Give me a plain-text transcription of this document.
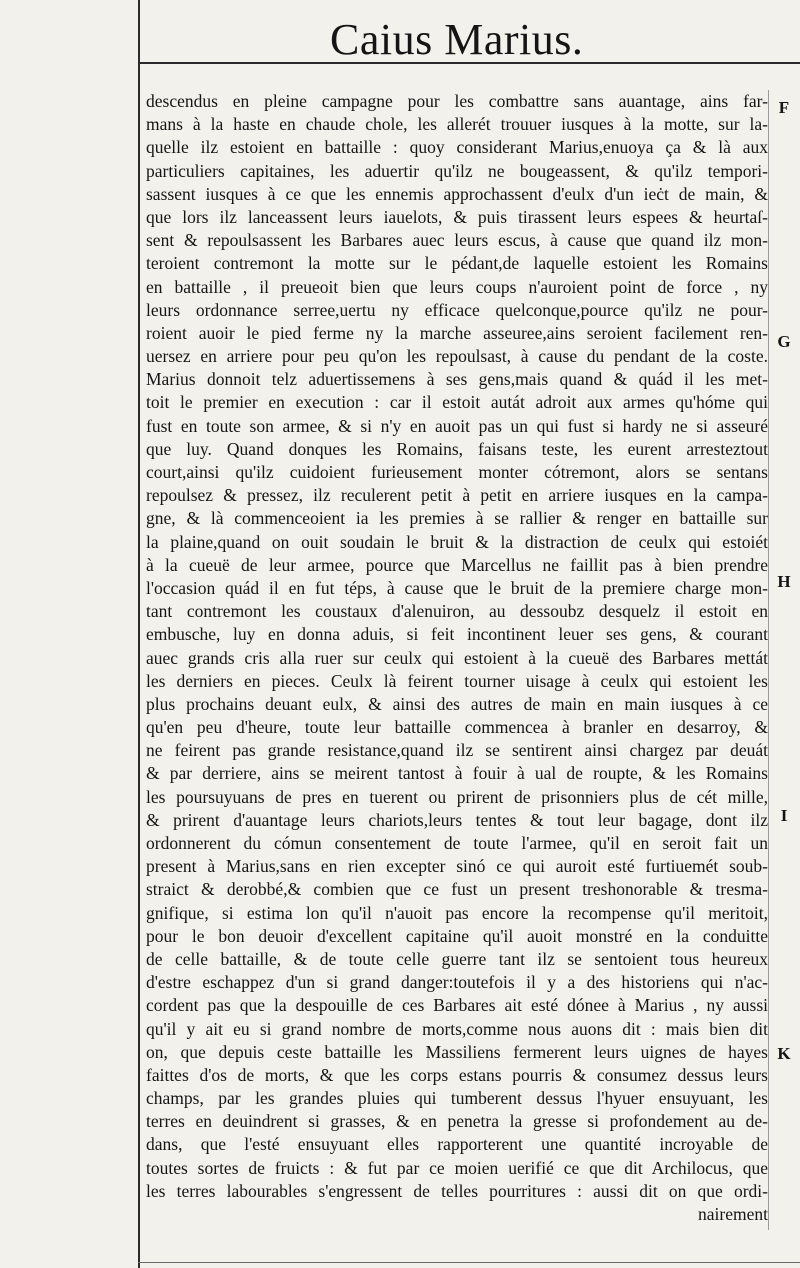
Caius Marius.
descendus en pleine campagne pour les combattre sans auantage, ains far-
mans à la haste en chaude chole, les allerét trouuer iusques à la motte, sur la-
quelle ilz estoient en battaille : quoy considerant Marius,enuoya ça & là aux
particuliers capitaines, les aduertir qu'ilz ne bougeassent, & qu'ilz tempori-
sassent iusques à ce que les ennemis approchassent d'eulx d'un ieċt de main, &
que lors ilz lanceassent leurs iauelots, & puis tirassent leurs espees & heurtaſ-
sent & repoulsassent les Barbares auec leurs escus, à cause que quand ilz mon-
teroient contremont la motte sur le pédant,de laquelle estoient les Romains
en battaille , il preueoit bien que leurs coups n'auroient point de force , ny
leurs ordonnance serree,uertu ny efficace quelconque,pource qu'ilz ne pour-
roient auoir le pied ferme ny la marche asseuree,ains seroient facilement ren-
uersez en arriere pour peu qu'on les repoulsast, à cause du pendant de la coste.
Marius donnoit telz aduertissemens à ses gens,mais quand & quád il les met-
toit le premier en execution : car il estoit autát adroit aux armes qu'hóme qui
fust en toute son armee, & si n'y en auoit pas un qui fust si hardy ne si asseuré
que luy. Quand donques les Romains, faisans teste, les eurent arresteztout
court,ainsi qu'ilz cuidoient furieusement monter cótremont, alors se sentans
repoulsez & pressez, ilz reculerent petit à petit en arriere iusques en la campa-
gne, & là commenceoient ia les premies à se rallier & renger en battaille sur
la plaine,quand on ouit soudain le bruit & la distraction de ceulx qui estoiét
à la cueuë de leur armee, pource que Marcellus ne faillit pas à bien prendre
l'occasion quád il en fut téps, à cause que le bruit de la premiere charge mon-
tant contremont les coustaux d'alenuiron, au dessoubz desquelz il estoit en
embusche, luy en donna aduis, si feit incontinent leuer ses gens, & courant
auec grands cris alla ruer sur ceulx qui estoient à la cueuë des Barbares mettát
les derniers en pieces. Ceulx là feirent tourner uisage à ceulx qui estoient les
plus prochains deuant eulx, & ainsi des autres de main en main iusques à ce
qu'en peu d'heure, toute leur battaille commencea à branler en desarroy, &
ne feirent pas grande resistance,quand ilz se sentirent ainsi chargez par deuát
& par derriere, ains se meirent tantost à fouir à ual de roupte, & les Romains
les poursuyuans de pres en tuerent ou prirent de prisonniers plus de cét mille,
& prirent d'auantage leurs chariots,leurs tentes & tout leur bagage, dont ilz
ordonnerent du cómun consentement de toute l'armee, qu'il en seroit fait un
present à Marius,sans en rien excepter sinó ce qui auroit esté furtiuemét soub-
straict & derobbé,& combien que ce fust un present treshonorable & tresma-
gnifique, si estima lon qu'il n'auoit pas encore la recompense qu'il meritoit,
pour le bon deuoir d'excellent capitaine qu'il auoit monstré en la conduitte
de celle battaille, & de toute celle guerre tant ilz se sentoient tous heureux
d'estre eschappez d'un si grand danger:toutefois il y a des historiens qui n'ac-
cordent pas que la despouille de ces Barbares ait esté dónee à Marius , ny aussi
qu'il y ait eu si grand nombre de morts,comme nous auons dit : mais bien dit
on, que depuis ceste battaille les Massiliens fermerent leurs uignes de hayes
faittes d'os de morts, & que les corps estans pourris & consumez dessus leurs
champs, par les grandes pluies qui tumberent dessus l'hyuer ensuyuant, les
terres en deuindrent si grasses, & en penetra la gresse si profondement au de-
dans, que l'esté ensuyuant elles rapporterent une quantité incroyable de
toutes sortes de fruicts : & fut par ce moien uerifié ce que dit Archilocus, que
les terres labourables s'engressent de telles pourritures : aussi dit on que ordi-
nairement
F
G
H
I
K
